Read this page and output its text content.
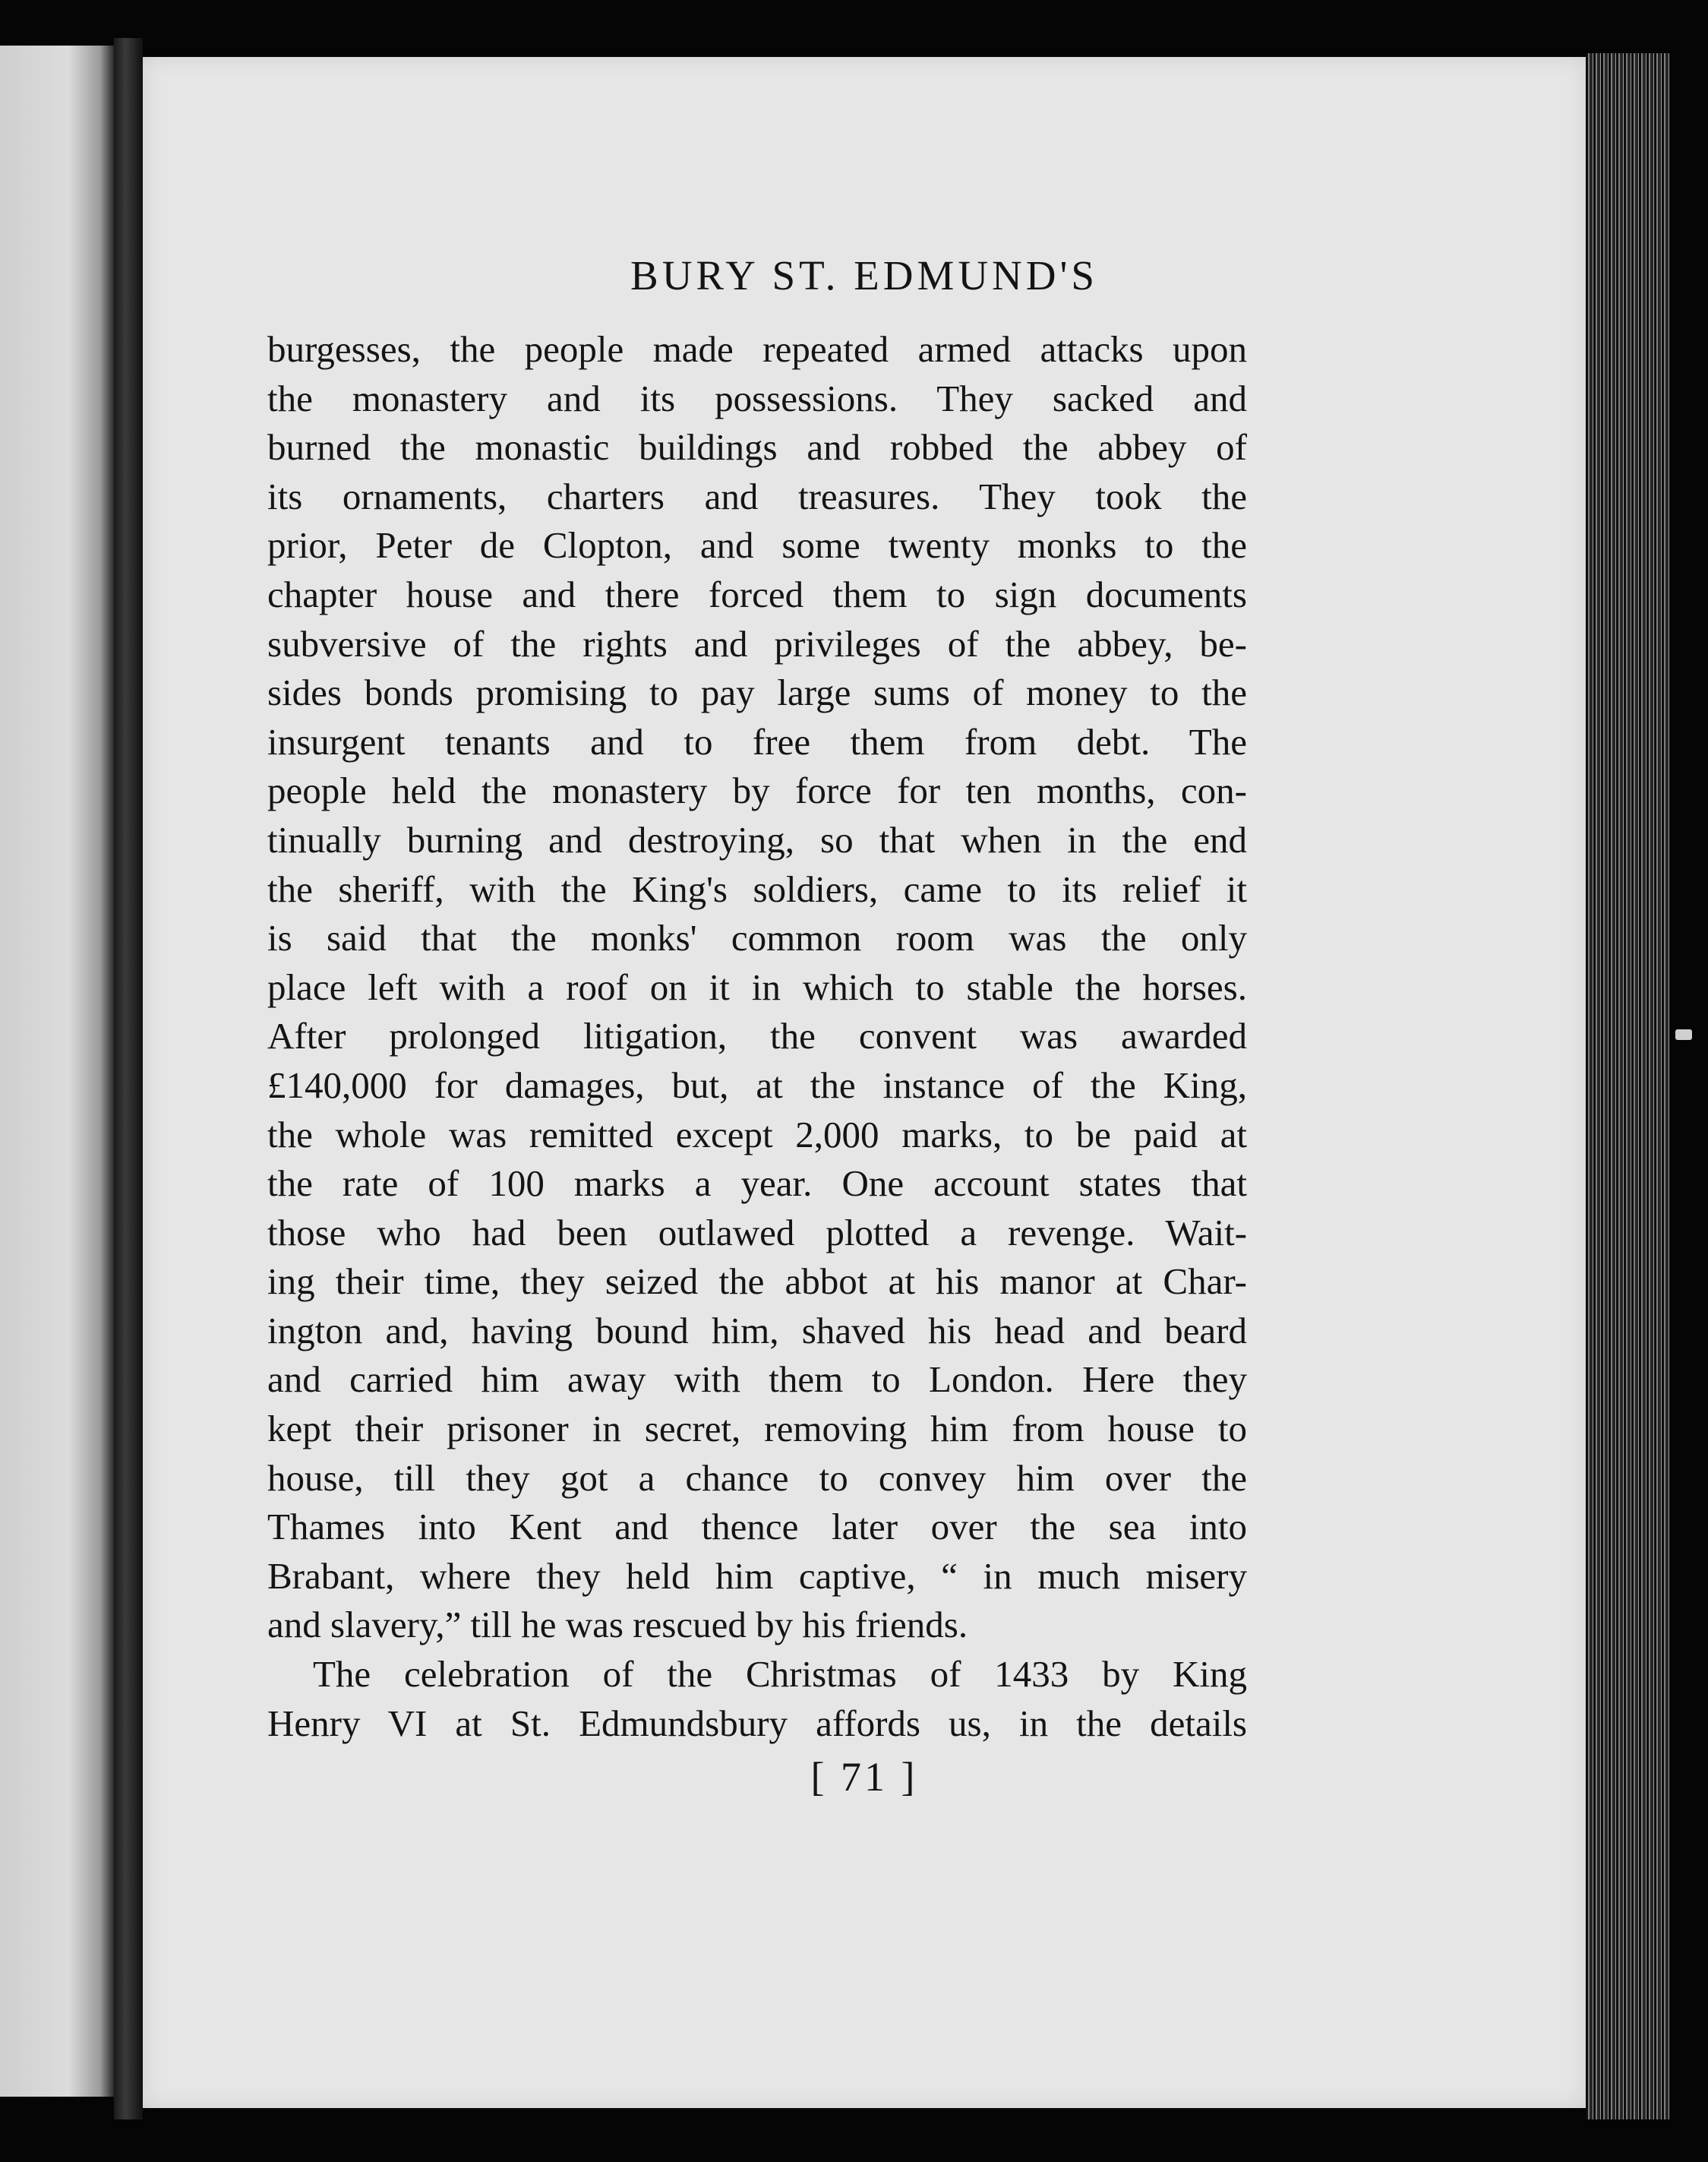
BURY ST. EDMUND'S
burgesses, the people made repeated armed attacks upon
the monastery and its possessions. They sacked and
burned the monastic buildings and robbed the abbey of
its ornaments, charters and treasures. They took the
prior, Peter de Clopton, and some twenty monks to the
chapter house and there forced them to sign documents
subversive of the rights and privileges of the abbey, be-
sides bonds promising to pay large sums of money to the
insurgent tenants and to free them from debt. The
people held the monastery by force for ten months, con-
tinually burning and destroying, so that when in the end
the sheriff, with the King's soldiers, came to its relief it
is said that the monks' common room was the only
place left with a roof on it in which to stable the horses.
After prolonged litigation, the convent was awarded
£140,000 for damages, but, at the instance of the King,
the whole was remitted except 2,000 marks, to be paid at
the rate of 100 marks a year. One account states that
those who had been outlawed plotted a revenge. Wait-
ing their time, they seized the abbot at his manor at Char-
ington and, having bound him, shaved his head and beard
and carried him away with them to London. Here they
kept their prisoner in secret, removing him from house to
house, till they got a chance to convey him over the
Thames into Kent and thence later over the sea into
Brabant, where they held him captive, “ in much misery
and slavery,” till he was rescued by his friends.
The celebration of the Christmas of 1433 by King
Henry VI at St. Edmundsbury affords us, in the details
[ 71 ]
